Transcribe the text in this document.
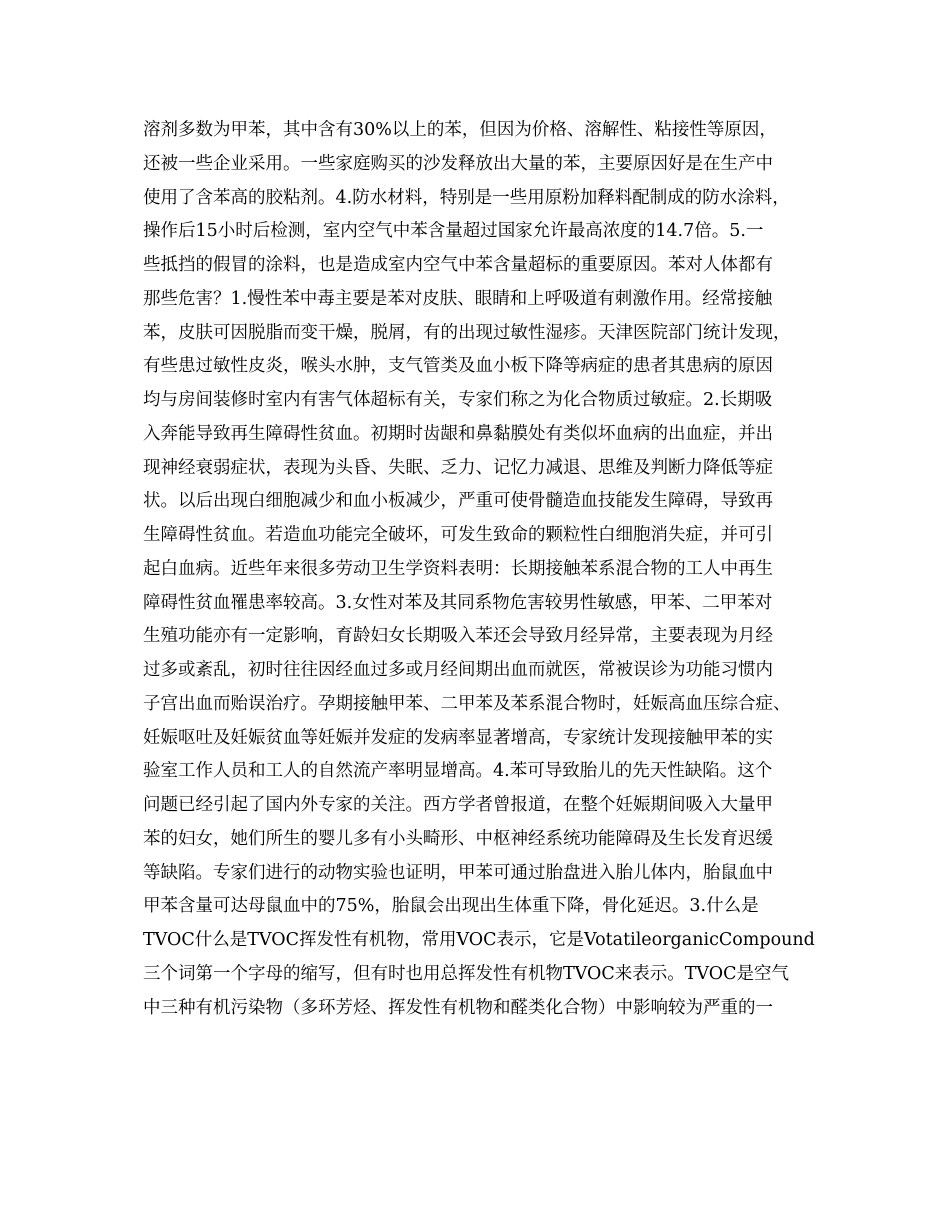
溶剂多数为甲苯，其中含有30%以上的苯，但因为价格、溶解性、粘接性等原因，
还被一些企业采用。一些家庭购买的沙发释放出大量的苯，主要原因好是在生产中
使用了含苯高的胶粘剂。4.防水材料，特别是一些用原粉加释料配制成的防水涂料，
操作后15小时后检测，室内空气中苯含量超过国家允许最高浓度的14.7倍。5.一
些抵挡的假冒的涂料，也是造成室内空气中苯含量超标的重要原因。苯对人体都有
那些危害？1.慢性苯中毒主要是苯对皮肤、眼睛和上呼吸道有刺激作用。经常接触
苯，皮肤可因脱脂而变干燥，脱屑，有的出现过敏性湿疹。天津医院部门统计发现，
有些患过敏性皮炎，喉头水肿，支气管类及血小板下降等病症的患者其患病的原因
均与房间装修时室内有害气体超标有关，专家们称之为化合物质过敏症。2.长期吸
入奔能导致再生障碍性贫血。初期时齿龈和鼻黏膜处有类似坏血病的出血症，并出
现神经衰弱症状，表现为头昏、失眠、乏力、记忆力减退、思维及判断力降低等症
状。以后出现白细胞减少和血小板减少，严重可使骨髓造血技能发生障碍，导致再
生障碍性贫血。若造血功能完全破坏，可发生致命的颗粒性白细胞消失症，并可引
起白血病。近些年来很多劳动卫生学资料表明：长期接触苯系混合物的工人中再生
障碍性贫血罹患率较高。3.女性对苯及其同系物危害较男性敏感，甲苯、二甲苯对
生殖功能亦有一定影响，育龄妇女长期吸入苯还会导致月经异常，主要表现为月经
过多或紊乱，初时往往因经血过多或月经间期出血而就医，常被误诊为功能习惯内
子宫出血而贻误治疗。孕期接触甲苯、二甲苯及苯系混合物时，妊娠高血压综合症、
妊娠呕吐及妊娠贫血等妊娠并发症的发病率显著增高，专家统计发现接触甲苯的实
验室工作人员和工人的自然流产率明显增高。4.苯可导致胎儿的先天性缺陷。这个
问题已经引起了国内外专家的关注。西方学者曾报道，在整个妊娠期间吸入大量甲
苯的妇女，她们所生的婴儿多有小头畸形、中枢神经系统功能障碍及生长发育迟缓
等缺陷。专家们进行的动物实验也证明，甲苯可通过胎盘进入胎儿体内，胎鼠血中
甲苯含量可达母鼠血中的75%，胎鼠会出现出生体重下降，骨化延迟。3.什么是
TVOC什么是TVOC挥发性有机物，常用VOC表示，它是VotatileorganicCompound
三个词第一个字母的缩写，但有时也用总挥发性有机物TVOC来表示。TVOC是空气
中三种有机污染物（多环芳烃、挥发性有机物和醛类化合物）中影响较为严重的一
